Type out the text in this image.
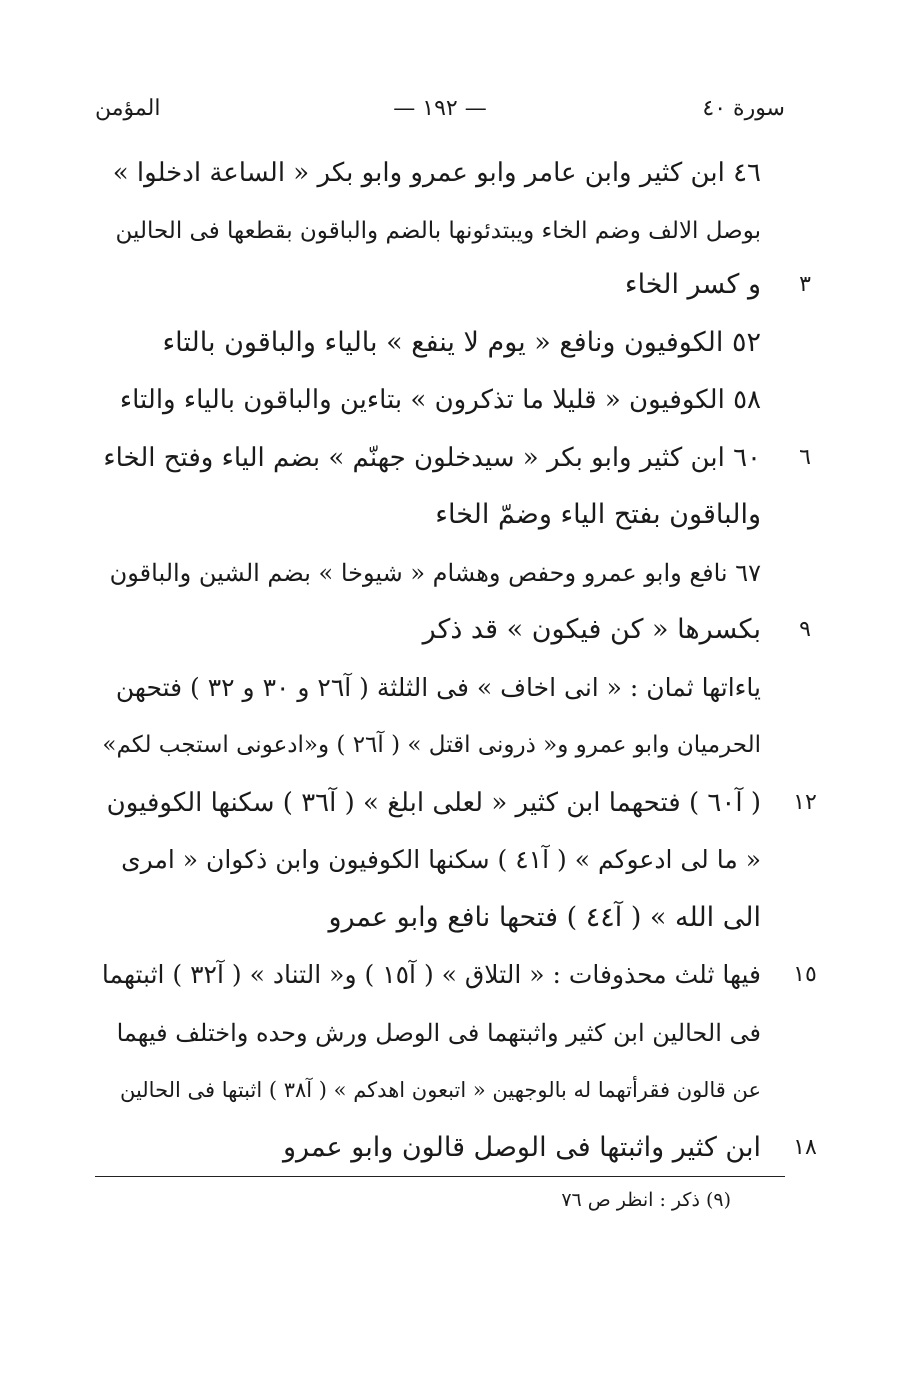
سورة ٤٠
— ١٩٢ —
المؤمن
٤٦ ابن كثير وابن عامر وابو عمرو وابو بكر « الساعة ادخلوا »
بوصل الالف وضم الخاء ويبتدئونها بالضم والباقون بقطعها فى الحالين
٣
و كسر الخاء
٥٢ الكوفيون ونافع « يوم لا ينفع » بالياء والباقون بالتاء
٥٨ الكوفيون « قليلا ما تذكرون » بتاءين والباقون بالياء والتاء
٦
٦٠ ابن كثير وابو بكر « سيدخلون جهنّم » بضم الياء وفتح الخاء
والباقون بفتح الياء وضمّ الخاء
٦٧ نافع وابو عمرو وحفص وهشام « شيوخا » بضم الشين والباقون
٩
بكسرها « كن فيكون » قد ذكر
ياءاتها ثمان : « انى اخاف » فى الثلثة ( آ٢٦ و ٣٠ و ٣٢ ) فتحهن
الحرميان وابو عمرو و« ذرونى اقتل » ( آ٢٦ ) و«ادعونى استجب لكم»
١٢
( آ٦٠ ) فتحهما ابن كثير « لعلى ابلغ » ( آ٣٦ ) سكنها الكوفيون
« ما لى ادعوكم » ( آ٤١ ) سكنها الكوفيون وابن ذكوان « امرى
الى الله » ( آ٤٤ ) فتحها نافع وابو عمرو
١٥
فيها ثلث محذوفات : « التلاق » ( آ١٥ ) و« التناد » ( آ٣٢ ) اثبتهما
فى الحالين ابن كثير واثبتهما فى الوصل ورش وحده واختلف فيهما
عن قالون فقرأتهما له بالوجهين « اتبعون اهدكم » ( آ٣٨ ) اثبتها فى الحالين
١٨
ابن كثير واثبتها فى الوصل قالون وابو عمرو
(٩) ذكر : انظر ص ٧٦
